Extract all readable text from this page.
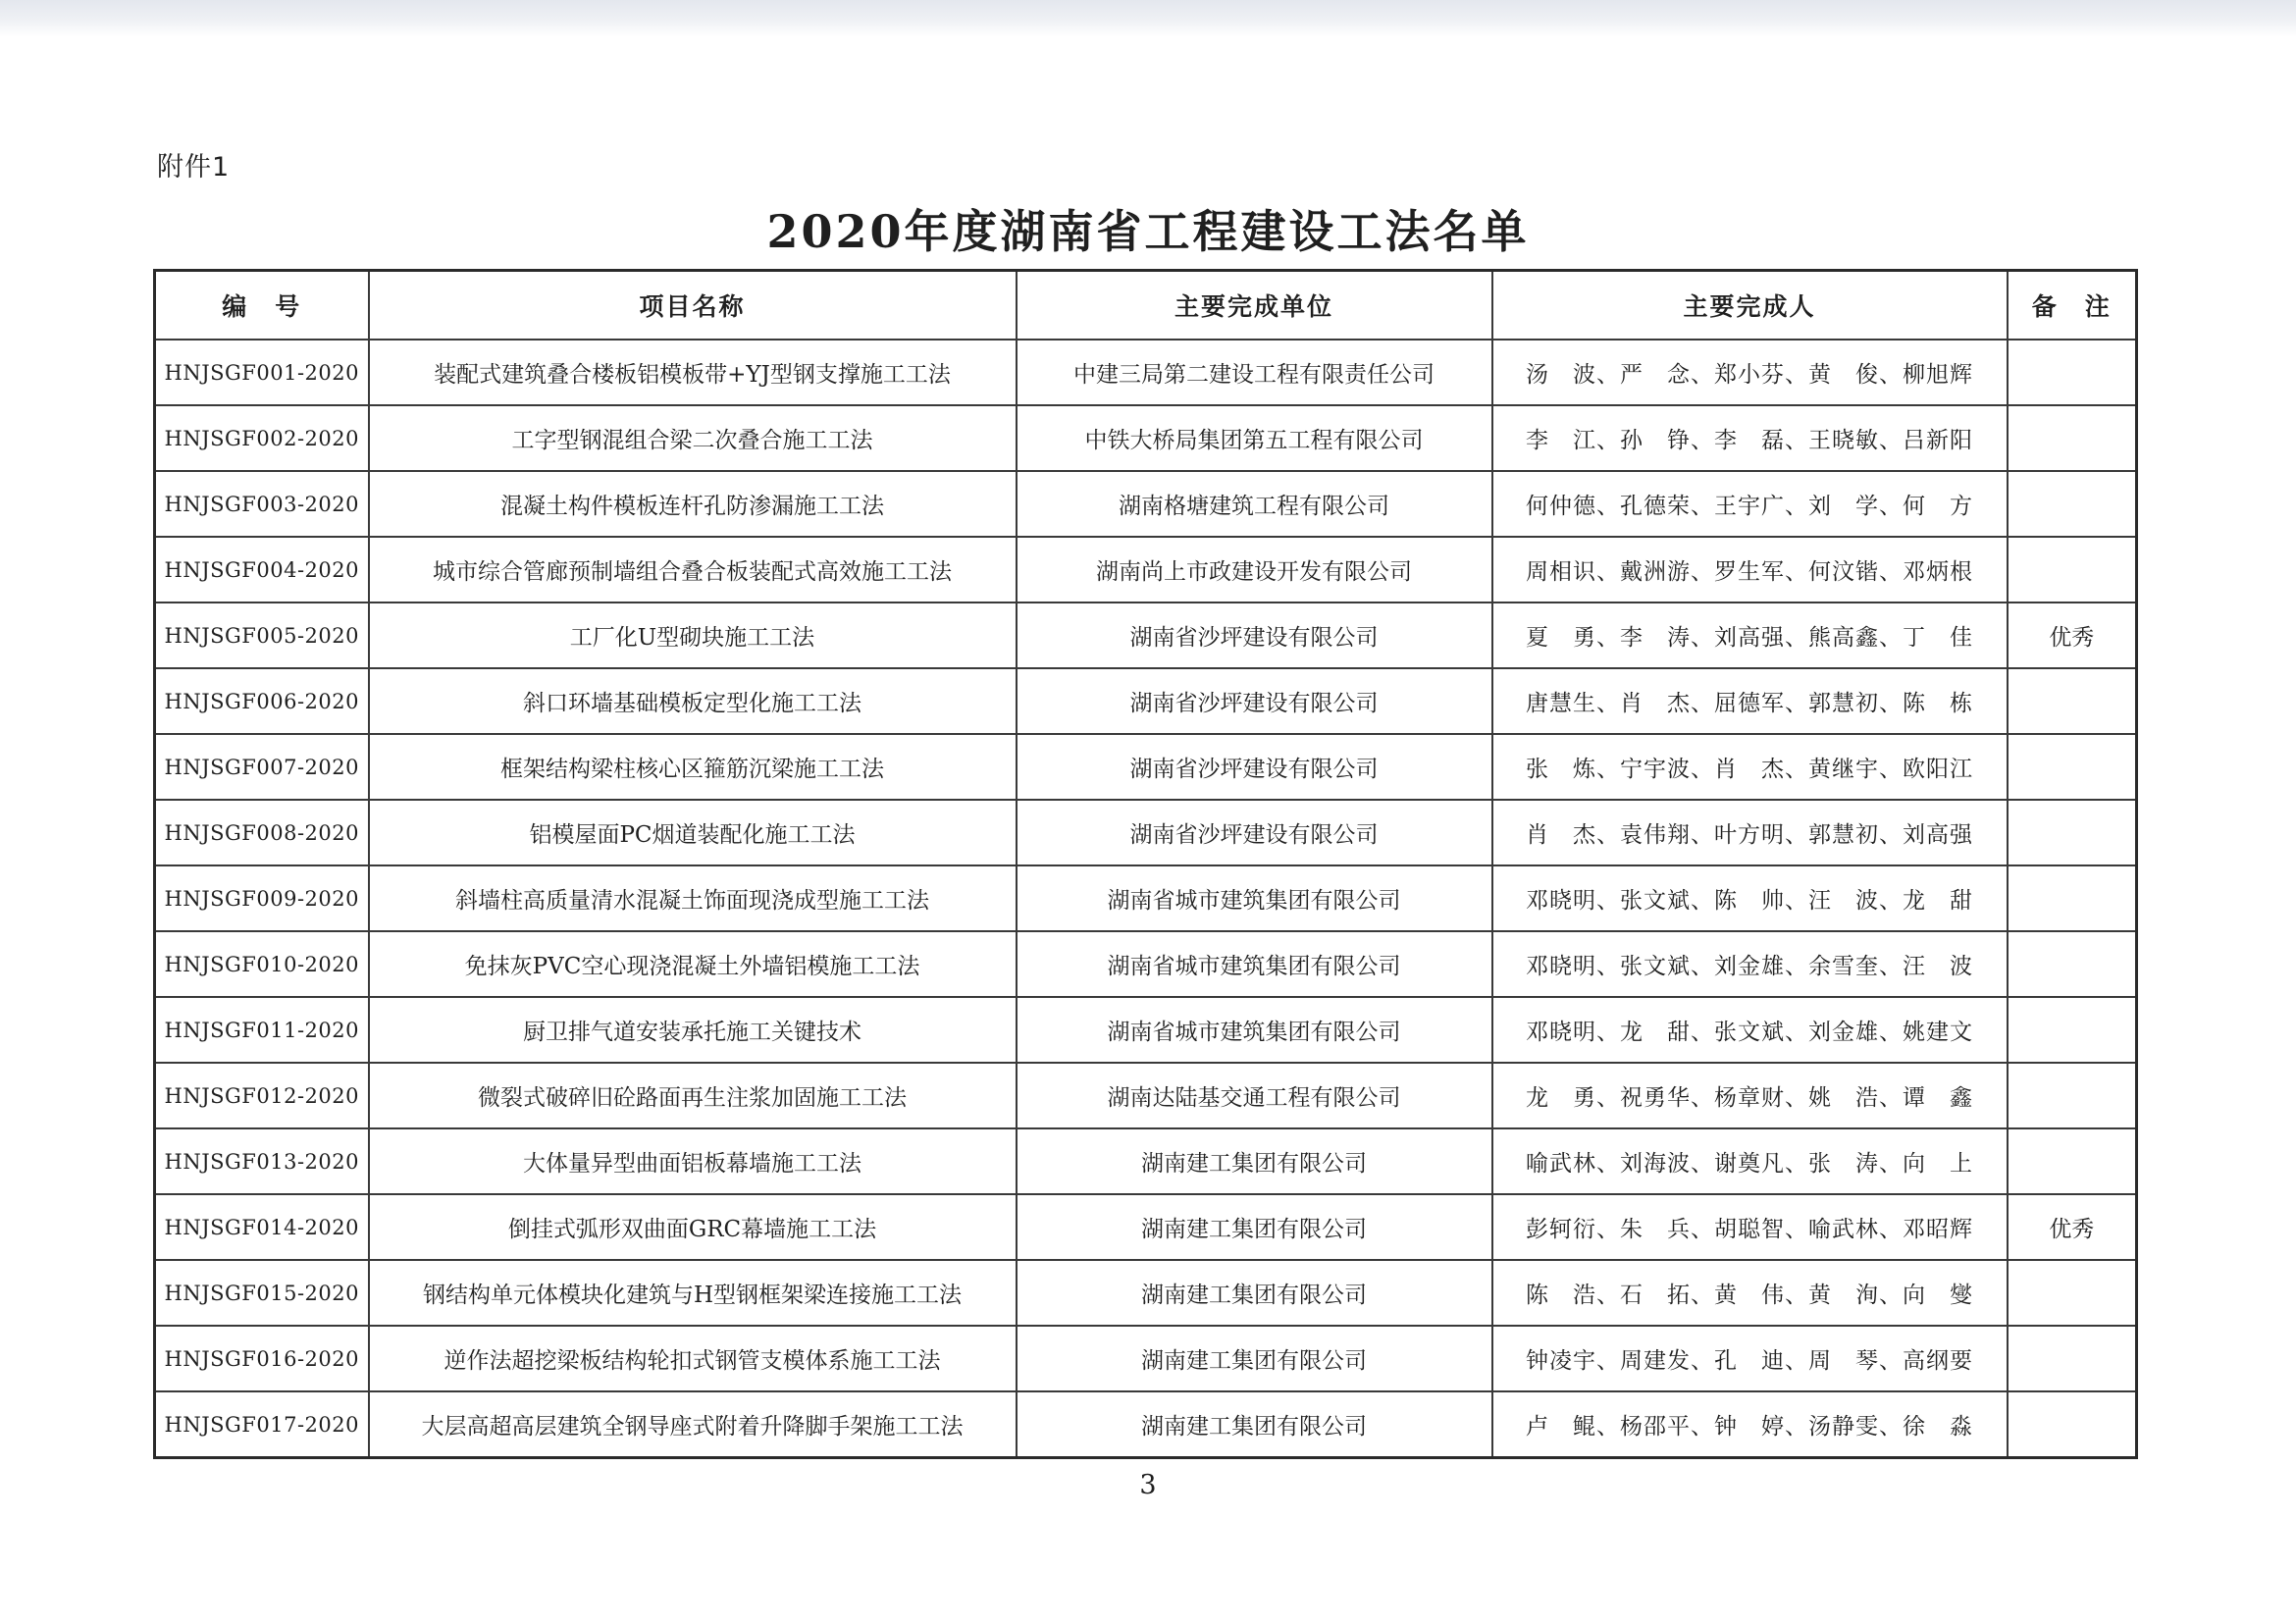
附件1
2020年度湖南省工程建设工法名单
编　号	项目名称	主要完成单位	主要完成人	备　注
HNJSGF001-2020	装配式建筑叠合楼板铝模板带+YJ型钢支撑施工工法	中建三局第二建设工程有限责任公司	汤　波、严　念、郑小芬、黄　俊、柳旭辉	
HNJSGF002-2020	工字型钢混组合梁二次叠合施工工法	中铁大桥局集团第五工程有限公司	李　江、孙　铮、李　磊、王晓敏、吕新阳	
HNJSGF003-2020	混凝土构件模板连杆孔防渗漏施工工法	湖南格塘建筑工程有限公司	何仲德、孔德荣、王宇广、刘　学、何　方	
HNJSGF004-2020	城市综合管廊预制墙组合叠合板装配式高效施工工法	湖南尚上市政建设开发有限公司	周相识、戴洲游、罗生军、何汶锴、邓炳根	
HNJSGF005-2020	工厂化U型砌块施工工法	湖南省沙坪建设有限公司	夏　勇、李　涛、刘高强、熊高鑫、丁　佳	优秀
HNJSGF006-2020	斜口环墙基础模板定型化施工工法	湖南省沙坪建设有限公司	唐慧生、肖　杰、屈德军、郭慧初、陈　栋	
HNJSGF007-2020	框架结构梁柱核心区箍筋沉梁施工工法	湖南省沙坪建设有限公司	张　炼、宁宇波、肖　杰、黄继宇、欧阳江	
HNJSGF008-2020	铝模屋面PC烟道装配化施工工法	湖南省沙坪建设有限公司	肖　杰、袁伟翔、叶方明、郭慧初、刘高强	
HNJSGF009-2020	斜墙柱高质量清水混凝土饰面现浇成型施工工法	湖南省城市建筑集团有限公司	邓晓明、张文斌、陈　帅、汪　波、龙　甜	
HNJSGF010-2020	免抹灰PVC空心现浇混凝土外墙铝模施工工法	湖南省城市建筑集团有限公司	邓晓明、张文斌、刘金雄、余雪奎、汪　波	
HNJSGF011-2020	厨卫排气道安装承托施工关键技术	湖南省城市建筑集团有限公司	邓晓明、龙　甜、张文斌、刘金雄、姚建文	
HNJSGF012-2020	微裂式破碎旧砼路面再生注浆加固施工工法	湖南达陆基交通工程有限公司	龙　勇、祝勇华、杨章财、姚　浩、谭　鑫	
HNJSGF013-2020	大体量异型曲面铝板幕墙施工工法	湖南建工集团有限公司	喻武林、刘海波、谢奠凡、张　涛、向　上	
HNJSGF014-2020	倒挂式弧形双曲面GRC幕墙施工工法	湖南建工集团有限公司	彭轲衍、朱　兵、胡聪智、喻武林、邓昭辉	优秀
HNJSGF015-2020	钢结构单元体模块化建筑与H型钢框架梁连接施工工法	湖南建工集团有限公司	陈　浩、石　拓、黄　伟、黄　洵、向　燮	
HNJSGF016-2020	逆作法超挖梁板结构轮扣式钢管支模体系施工工法	湖南建工集团有限公司	钟凌宇、周建发、孔　迪、周　琴、高纲要	
HNJSGF017-2020	大层高超高层建筑全钢导座式附着升降脚手架施工工法	湖南建工集团有限公司	卢　鲲、杨邵平、钟　婷、汤静雯、徐　淼	
3
